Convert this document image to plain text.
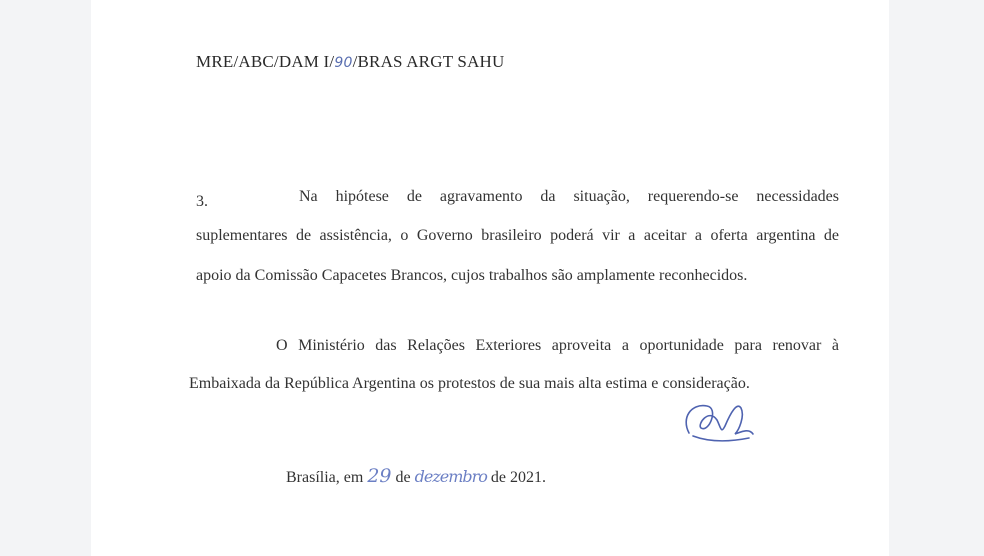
MRE/ABC/DAM I/90/BRAS ARGT SAHU
3.	Na hipótese de agravamento da situação, requerendo-se necessidades
suplementares de assistência, o Governo brasileiro poderá vir a aceitar a oferta argentina de
apoio da Comissão Capacetes Brancos, cujos trabalhos são amplamente reconhecidos.
O Ministério das Relações Exteriores aproveita a oportunidade para renovar à
Embaixada da República Argentina os protestos de sua mais alta estima e consideração.
Brasília, em 29 de dezembro de 2021.
